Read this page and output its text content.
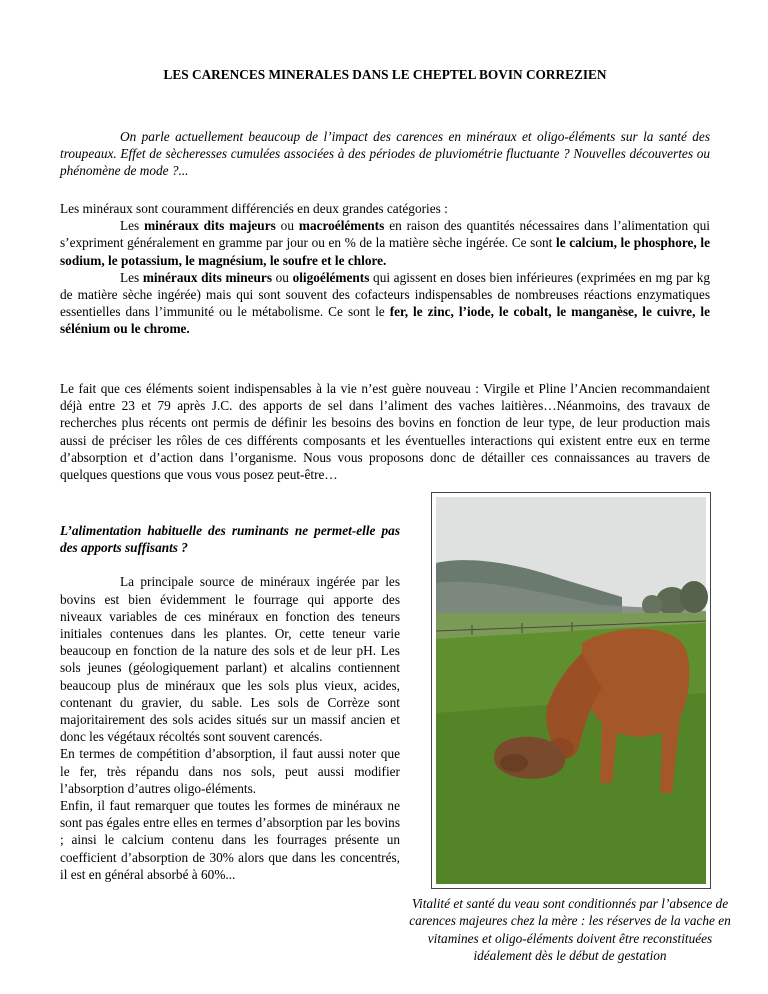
LES CARENCES MINERALES DANS LE CHEPTEL BOVIN CORREZIEN

On parle actuellement beaucoup de l’impact des carences en minéraux et oligo-éléments sur la santé des troupeaux. Effet de sècheresses cumulées associées à des périodes de pluviométrie fluctuante ? Nouvelles découvertes ou phénomène de mode ?...

Les minéraux sont couramment différenciés en deux grandes catégories :

Les minéraux dits majeurs ou macroéléments en raison des quantités nécessaires dans l’alimentation qui s’expriment généralement en gramme par jour ou en % de la matière sèche ingérée. Ce sont le calcium, le phosphore, le sodium, le potassium, le magnésium, le soufre et le chlore.

Les minéraux dits mineurs ou oligoéléments qui agissent en doses bien inférieures (exprimées en mg par kg de matière sèche ingérée) mais qui sont souvent des cofacteurs indispensables de nombreuses réactions enzymatiques essentielles dans l’immunité ou le métabolisme. Ce sont le fer, le zinc, l’iode, le cobalt, le manganèse, le cuivre, le sélénium ou le chrome.

Le fait que ces éléments soient indispensables à la vie n’est guère nouveau : Virgile et Pline l’Ancien recommandaient déjà entre 23 et 79 après J.C. des apports de sel dans l’aliment des vaches laitières…Néanmoins, des travaux de recherches plus récents ont permis de définir les besoins des bovins en fonction de leur type, de leur production mais aussi de préciser les rôles de ces différents composants et les éventuelles interactions qui existent entre eux en terme d’absorption et d’action dans l’organisme. Nous vous proposons donc de détailler ces connaissances au travers de quelques questions que vous vous posez peut-être…

L’alimentation habituelle des ruminants ne permet-elle pas des apports suffisants ?

La principale source de minéraux ingérée par les bovins est bien évidemment le fourrage qui apporte des niveaux variables de ces minéraux en fonction des teneurs initiales contenues dans les plantes. Or, cette teneur varie beaucoup en fonction de la nature des sols et de leur pH. Les sols jeunes (géologiquement parlant) et alcalins contiennent beaucoup plus de minéraux que les sols plus vieux, acides, contenant du gravier, du sable. Les sols de Corrèze sont majoritairement des sols acides situés sur un massif ancien et donc les végétaux récoltés sont souvent carencés.

En termes de compétition d’absorption, il faut aussi noter que le fer, très répandu dans nos sols, peut aussi modifier l’absorption d’autres oligo-éléments.

Enfin, il faut remarquer que toutes les formes de minéraux ne sont pas égales entre elles en termes d’absorption par les bovins ; ainsi le calcium contenu dans les fourrages présente un coefficient d’absorption de 30% alors que dans les concentrés, il est en général absorbé à 60%...

Vitalité et santé du veau sont conditionnés par l’absence de carences majeures chez la mère : les réserves de la vache en vitamines et oligo-éléments doivent être reconstituées idéalement dès le début de gestation
